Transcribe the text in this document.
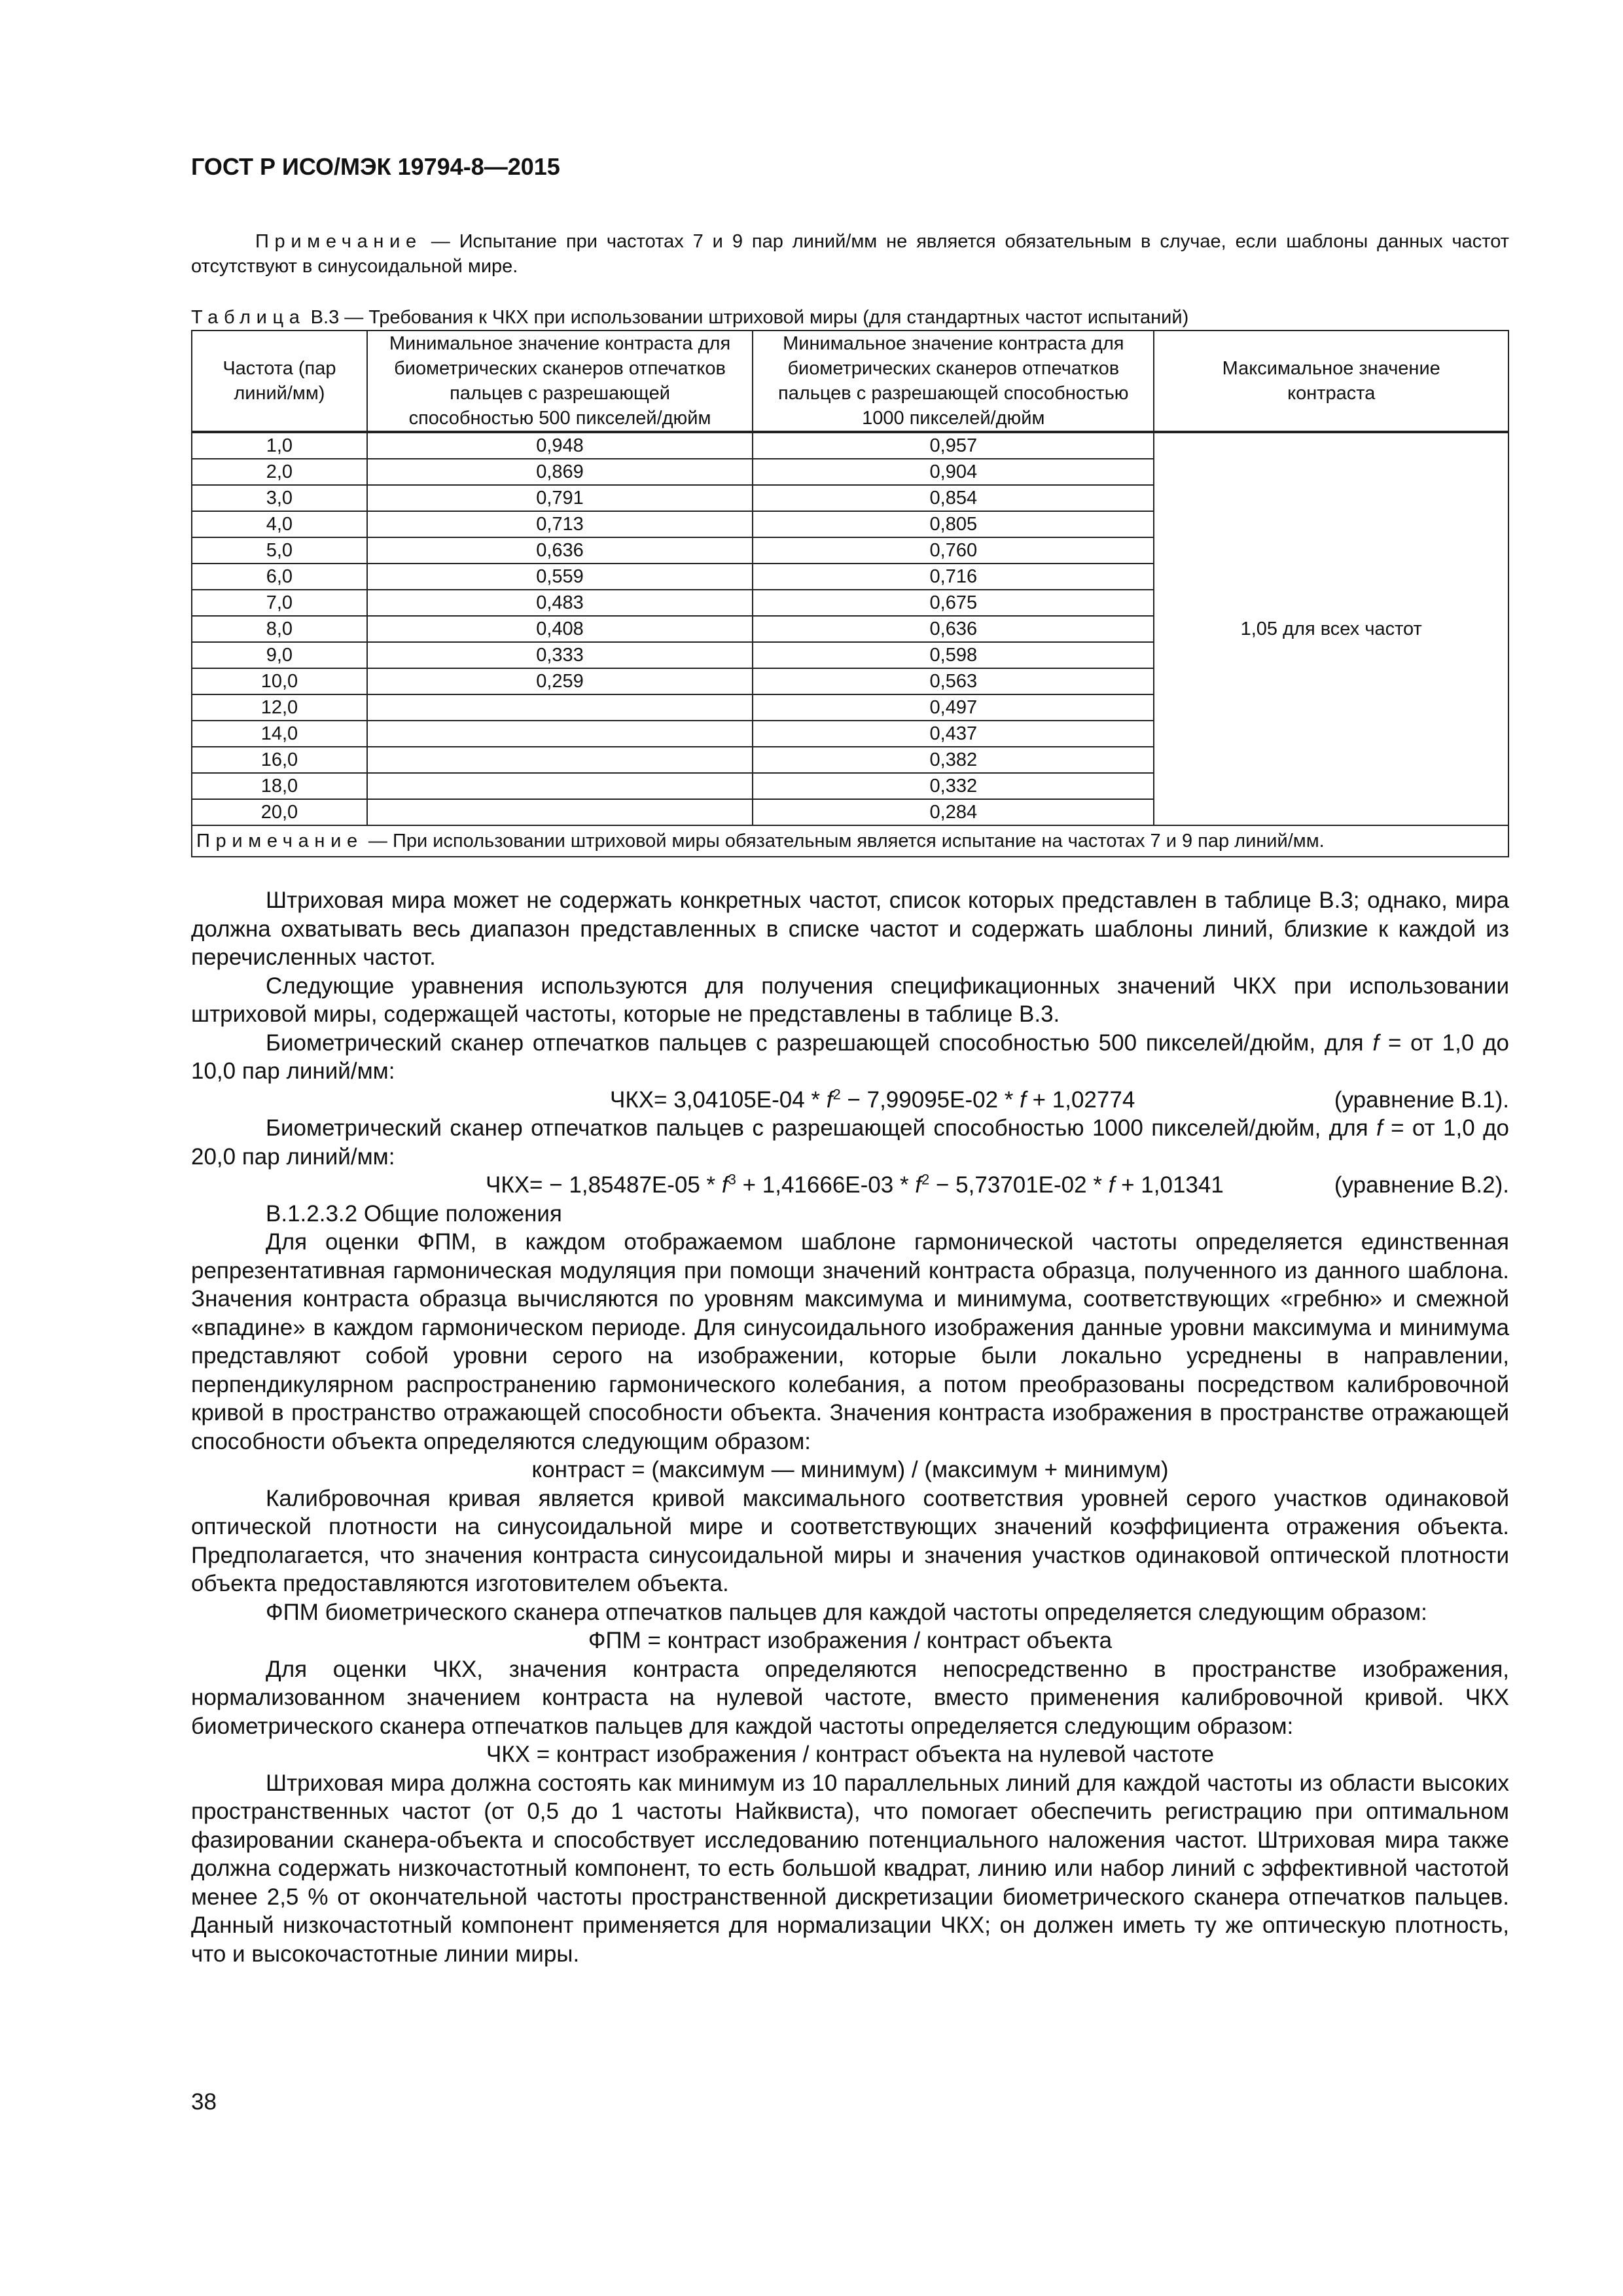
ГОСТ Р ИСО/МЭК 19794-8—2015

Примечание — Испытание при частотах 7 и 9 пар линий/мм не является обязательным в случае, если шаблоны данных частот отсутствуют в синусоидальной мире.

Таблица В.3 — Требования к ЧКХ при использовании штриховой миры (для стандартных частот испытаний)

Частота (пар линий/мм)	Минимальное значение контраста для биометрических сканеров отпечатков пальцев с разрешающей способностью 500 пикселей/дюйм	Минимальное значение контраста для биометрических сканеров отпечатков пальцев с разрешающей способностью 1000 пикселей/дюйм	Максимальное значение контраста
1,0	0,948	0,957	1,05 для всех частот
2,0	0,869	0,904	
3,0	0,791	0,854	
4,0	0,713	0,805	
5,0	0,636	0,760	
6,0	0,559	0,716	
7,0	0,483	0,675	
8,0	0,408	0,636	
9,0	0,333	0,598	
10,0	0,259	0,563	
12,0		0,497	
14,0		0,437	
16,0		0,382	
18,0		0,332	
20,0		0,284	
Примечание — При использовании штриховой миры обязательным является испытание на частотах 7 и 9 пар линий/мм.			

Штриховая мира может не содержать конкретных частот, список которых представлен в таблице В.3; однако, мира должна охватывать весь диапазон представленных в списке частот и содержать шаблоны линий, близкие к каждой из перечисленных частот.

Следующие уравнения используются для получения спецификационных значений ЧКХ при использовании штриховой миры, содержащей частоты, которые не представлены в таблице В.3.

Биометрический сканер отпечатков пальцев с разрешающей способностью 500 пикселей/дюйм, для f = от 1,0 до 10,0 пар линий/мм:

$ЧКХ= 3,04105E-04 * f^2 - 7,99095E-02 * f + 1,02774$	(уравнение В.1).

Биометрический сканер отпечатков пальцев с разрешающей способностью 1000 пикселей/дюйм, для f = от 1,0 до 20,0 пар линий/мм:

$ЧКХ= - 1,85487E-05 * f^3 + 1,41666E-03 * f^2 - 5,73701E-02 * f + 1,01341$	(уравнение В.2).

В.1.2.3.2 Общие положения

Для оценки ФПМ, в каждом отображаемом шаблоне гармонической частоты определяется единственная репрезентативная гармоническая модуляция при помощи значений контраста образца, полученного из данного шаблона. Значения контраста образца вычисляются по уровням максимума и минимума, соответствующих «гребню» и смежной «впадине» в каждом гармоническом периоде. Для синусоидального изображения данные уровни максимума и минимума представляют собой уровни серого на изображении, которые были локально усреднены в направлении, перпендикулярном распространению гармонического колебания, а потом преобразованы посредством калибровочной кривой в пространство отражающей способности объекта. Значения контраста изображения в пространстве отражающей способности объекта определяются следующим образом:

контраст = (максимум — минимум) / (максимум + минимум)

Калибровочная кривая является кривой максимального соответствия уровней серого участков одинаковой оптической плотности на синусоидальной мире и соответствующих значений коэффициента отражения объекта. Предполагается, что значения контраста синусоидальной миры и значения участков одинаковой оптической плотности объекта предоставляются изготовителем объекта.

ФПМ биометрического сканера отпечатков пальцев для каждой частоты определяется следующим образом:

ФПМ = контраст изображения / контраст объекта

Для оценки ЧКХ, значения контраста определяются непосредственно в пространстве изображения, нормализованном значением контраста на нулевой частоте, вместо применения калибровочной кривой. ЧКХ биометрического сканера отпечатков пальцев для каждой частоты определяется следующим образом:

ЧКХ = контраст изображения / контраст объекта на нулевой частоте

Штриховая мира должна состоять как минимум из 10 параллельных линий для каждой частоты из области высоких пространственных частот (от 0,5 до 1 частоты Найквиста), что помогает обеспечить регистрацию при оптимальном фазировании сканера-объекта и способствует исследованию потенциального наложения частот. Штриховая мира также должна содержать низкочастотный компонент, то есть большой квадрат, линию или набор линий с эффективной частотой менее 2,5 % от окончательной частоты пространственной дискретизации биометрического сканера отпечатков пальцев. Данный низкочастотный компонент применяется для нормализации ЧКХ; он должен иметь ту же оптическую плотность, что и высокочастотные линии миры.

38
